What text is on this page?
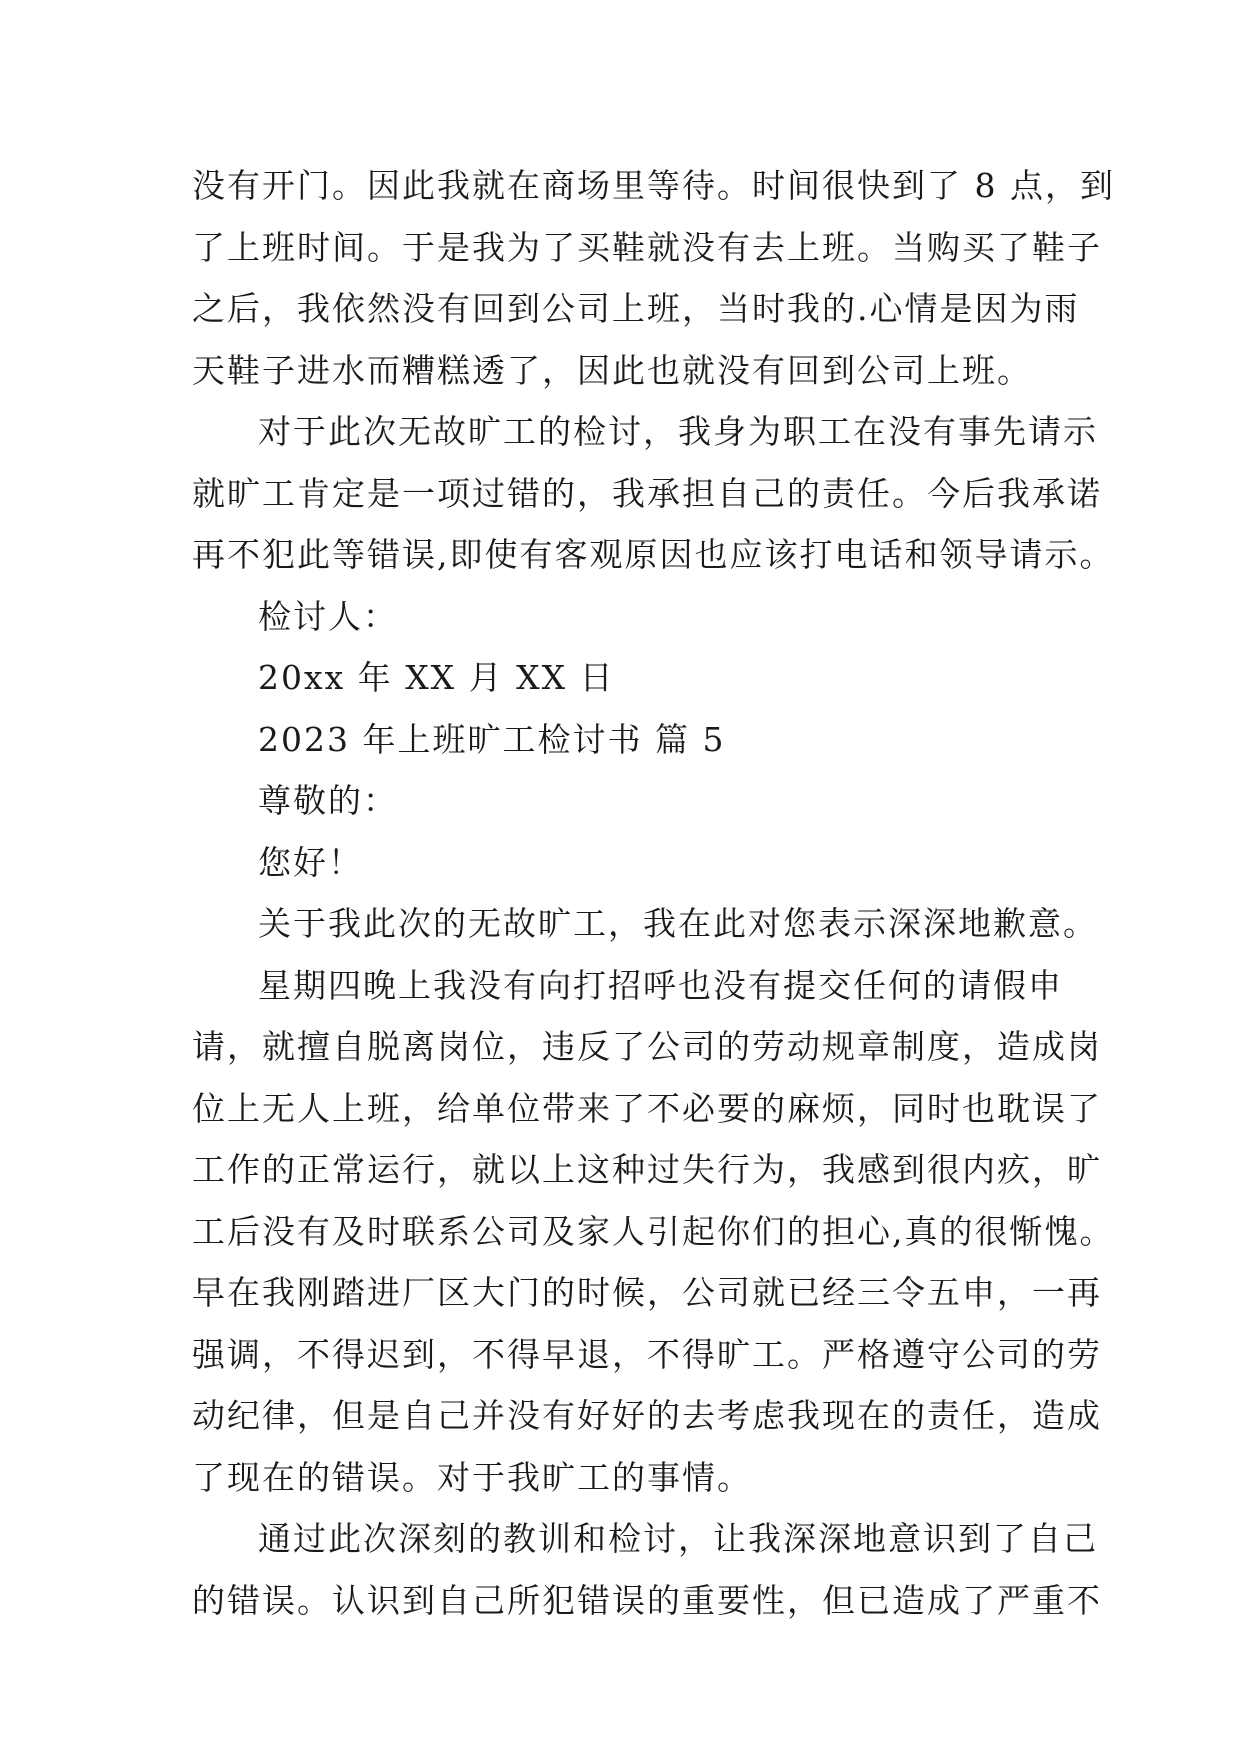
没有开门。因此我就在商场里等待。时间很快到了 8 点，到
了上班时间。于是我为了买鞋就没有去上班。当购买了鞋子
之后，我依然没有回到公司上班，当时我的.心情是因为雨
天鞋子进水而糟糕透了，因此也就没有回到公司上班。
对于此次无故旷工的检讨，我身为职工在没有事先请示
就旷工肯定是一项过错的，我承担自己的责任。今后我承诺
再不犯此等错误,即使有客观原因也应该打电话和领导请示。
检讨人：
20xx 年 XX 月 XX 日
2023 年上班旷工检讨书 篇 5
尊敬的：
您好！
关于我此次的无故旷工，我在此对您表示深深地歉意。
星期四晚上我没有向打招呼也没有提交任何的请假申
请，就擅自脱离岗位，违反了公司的劳动规章制度，造成岗
位上无人上班，给单位带来了不必要的麻烦，同时也耽误了
工作的正常运行，就以上这种过失行为，我感到很内疚，旷
工后没有及时联系公司及家人引起你们的担心,真的很惭愧。
早在我刚踏进厂区大门的时候，公司就已经三令五申，一再
强调，不得迟到，不得早退，不得旷工。严格遵守公司的劳
动纪律，但是自己并没有好好的去考虑我现在的责任，造成
了现在的错误。对于我旷工的事情。
通过此次深刻的教训和检讨，让我深深地意识到了自己
的错误。认识到自己所犯错误的重要性，但已造成了严重不
